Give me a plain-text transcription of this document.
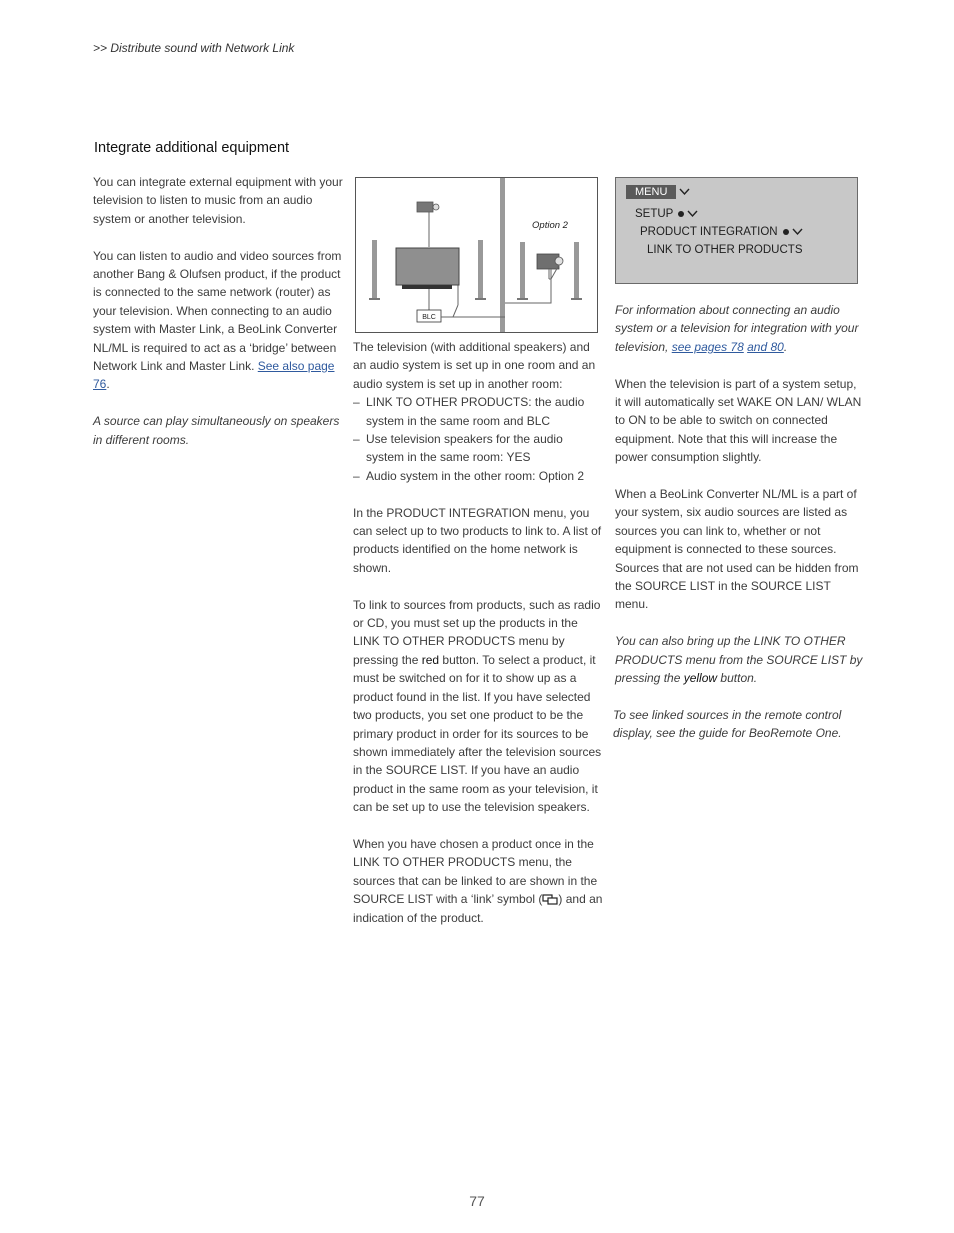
>> Distribute sound with Network Link
Integrate additional equipment

You can integrate external equipment with your television to listen to music from an audio system or another television.

You can listen to audio and video sources from another Bang & Olufsen product, if the product is connected to the same network (router) as your television. When connecting to an audio system with Master Link, a BeoLink Converter NL/ML is required to act as a ‘bridge’ between Network Link and Master Link. See also page 76.

A source can play simultaneously on speakers in different rooms.

BLC
Option 2
MENU
SETUP
PRODUCT INTEGRATION
LINK TO OTHER PRODUCTS

The television (with additional speakers) and an audio system is set up in one room and an audio system is set up in another room:

– LINK TO OTHER PRODUCTS: the audio system in the same room and BLC
– Use television speakers for the audio system in the same room: YES
– Audio system in the other room: Option 2

In the PRODUCT INTEGRATION menu, you can select up to two products to link to. A list of products identified on the home network is shown.

To link to sources from products, such as radio or CD, you must set up the products in the LINK TO OTHER PRODUCTS menu by pressing the red button. To select a product, it must be switched on for it to show up as a product found in the list. If you have selected two products, you set one product to be the primary product in order for its sources to be shown immediately after the television sources in the SOURCE LIST. If you have an audio product in the same room as your television, it can be set up to use the television speakers.

When you have chosen a product once in the LINK TO OTHER PRODUCTS menu, the sources that can be linked to are shown in the SOURCE LIST with a ‘link’ symbol ( ) and an indication of the product.

For information about connecting an audio system or a television for integration with your television, see pages 78 and 80.

When the television is part of a system setup, it will automatically set WAKE ON LAN/ WLAN to ON to be able to switch on connected equipment. Note that this will increase the power consumption slightly.

When a BeoLink Converter NL/ML is a part of your system, six audio sources are listed as sources you can link to, whether or not equipment is connected to these sources. Sources that are not used can be hidden from the SOURCE LIST in the SOURCE LIST menu.

You can also bring up the LINK TO OTHER PRODUCTS menu from the SOURCE LIST by pressing the yellow button.

To see linked sources in the remote control display, see the guide for BeoRemote One.

77
